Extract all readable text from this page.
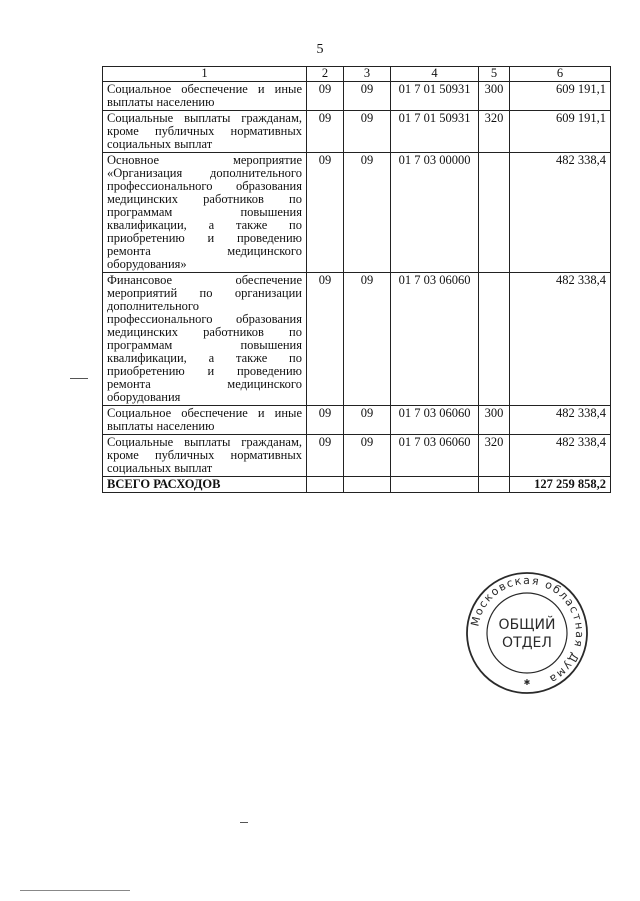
5
1	2	3	4	5	6
Социальное обеспечение и иные выплаты населению	09	09	01 7 01 50931	300	609 191,1
Социальные выплаты гражданам, кроме публичных нормативных социальных выплат	09	09	01 7 01 50931	320	609 191,1
Основное мероприятие «Организация дополнительного профессионального образования медицинских работников по программам повышения квалификации, а также по приобретению и проведению ремонта медицинского оборудования»	09	09	01 7 03 00000		482 338,4
Финансовое обеспечение мероприятий по организации дополнительного профессионального образования медицинских работников по программам повышения квалификации, а также по приобретению и проведению ремонта медицинского оборудования	09	09	01 7 03 06060		482 338,4
Социальное обеспечение и иные выплаты населению	09	09	01 7 03 06060	300	482 338,4
Социальные выплаты гражданам, кроме публичных нормативных социальных выплат	09	09	01 7 03 06060	320	482 338,4
ВСЕГО РАСХОДОВ					127 259 858,2
Московская областная Дума
ОБЩИЙ
ОТДЕЛ
✱
